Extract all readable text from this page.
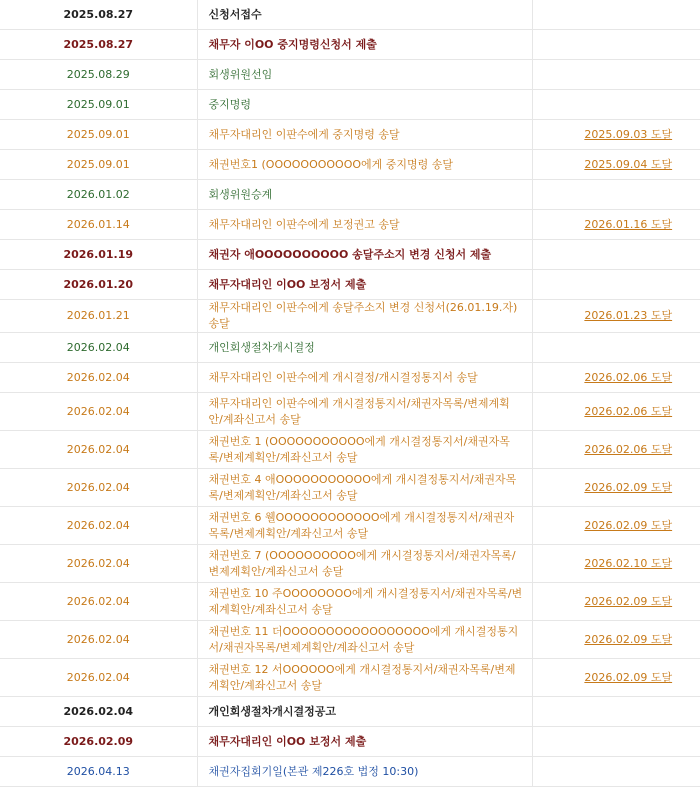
2025.08.27	신청서접수	
2025.08.27	채무자 이OO 중지명령신청서 제출	
2025.08.29	회생위원선임	
2025.09.01	중지명령	
2025.09.01	채무자대리인 이판수에게 중지명령 송달	2025.09.03 도달
2025.09.01	채권번호1 (OOOOOOOOOOO에게 중지명령 송달	2025.09.04 도달
2026.01.02	회생위원승계	
2026.01.14	채무자대리인 이판수에게 보정권고 송달	2026.01.16 도달
2026.01.19	채권자 애OOOOOOOOOO 송달주소지 변경 신청서 제출	
2026.01.20	채무자대리인 이OO 보정서 제출	
2026.01.21	채무자대리인 이판수에게 송달주소지 변경 신청서(26.01.19.자) 송달	2026.01.23 도달
2026.02.04	개인회생절차개시결정	
2026.02.04	채무자대리인 이판수에게 개시결정/개시결정통지서 송달	2026.02.06 도달
2026.02.04	채무자대리인 이판수에게 개시결정통지서/채권자목록/변제계획안/계좌신고서 송달	2026.02.06 도달
2026.02.04	채권번호 1 (OOOOOOOOOOO에게 개시결정통지서/채권자목록/변제계획안/계좌신고서 송달	2026.02.06 도달
2026.02.04	채권번호 4 애OOOOOOOOOOO에게 개시결정통지서/채권자목록/변제계획안/계좌신고서 송달	2026.02.09 도달
2026.02.04	채권번호 6 웰OOOOOOOOOOOO에게 개시결정통지서/채권자목록/변제계획안/계좌신고서 송달	2026.02.09 도달
2026.02.04	채권번호 7 (OOOOOOOOOO에게 개시결정통지서/채권자목록/변제계획안/계좌신고서 송달	2026.02.10 도달
2026.02.04	채권번호 10 주OOOOOOOO에게 개시결정통지서/채권자목록/변제계획안/계좌신고서 송달	2026.02.09 도달
2026.02.04	채권번호 11 더OOOOOOOOOOOOOOOOO에게 개시결정통지서/채권자목록/변제계획안/계좌신고서 송달	2026.02.09 도달
2026.02.04	채권번호 12 서OOOOOO에게 개시결정통지서/채권자목록/변제계획안/계좌신고서 송달	2026.02.09 도달
2026.02.04	개인회생절차개시결정공고	
2026.02.09	채무자대리인 이OO 보정서 제출	
2026.04.13	채권자집회기일(본관 제226호 법정 10:30)	
